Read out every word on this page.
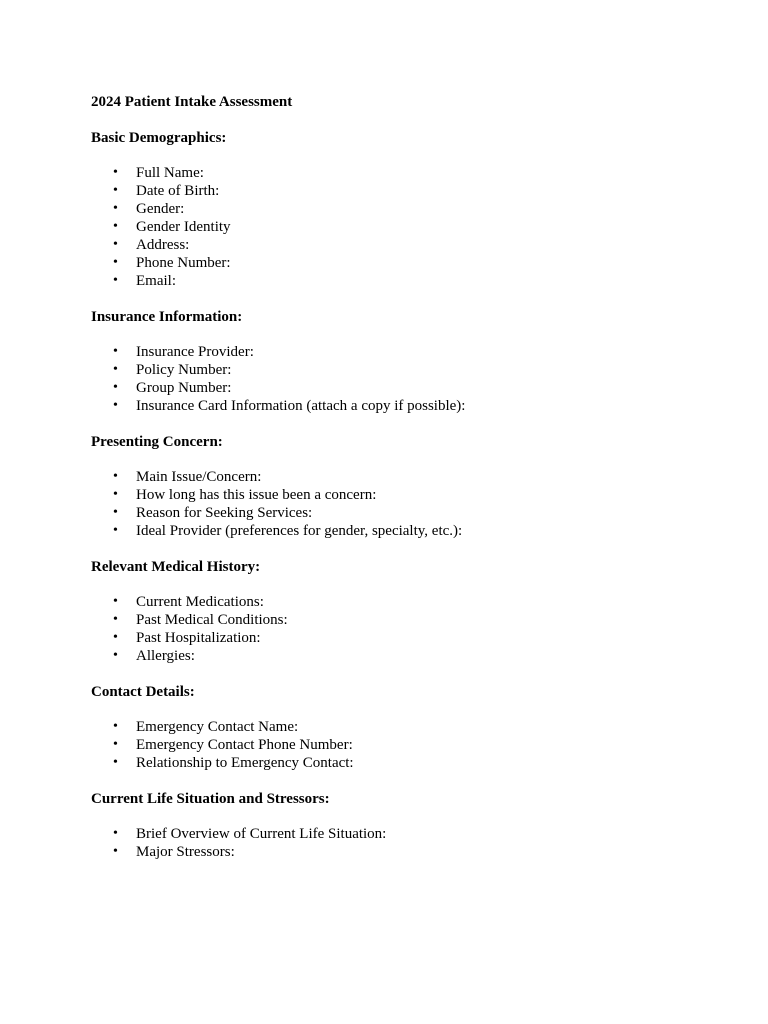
2024 Patient Intake Assessment
Basic Demographics:
• Full Name:
• Date of Birth:
• Gender:
• Gender Identity
• Address:
• Phone Number:
• Email:
Insurance Information:
• Insurance Provider:
• Policy Number:
• Group Number:
• Insurance Card Information (attach a copy if possible):
Presenting Concern:
• Main Issue/Concern:
• How long has this issue been a concern:
• Reason for Seeking Services:
• Ideal Provider (preferences for gender, specialty, etc.):
Relevant Medical History:
• Current Medications:
• Past Medical Conditions:
• Past Hospitalization:
• Allergies:
Contact Details:
• Emergency Contact Name:
• Emergency Contact Phone Number:
• Relationship to Emergency Contact:
Current Life Situation and Stressors:
• Brief Overview of Current Life Situation:
• Major Stressors:
